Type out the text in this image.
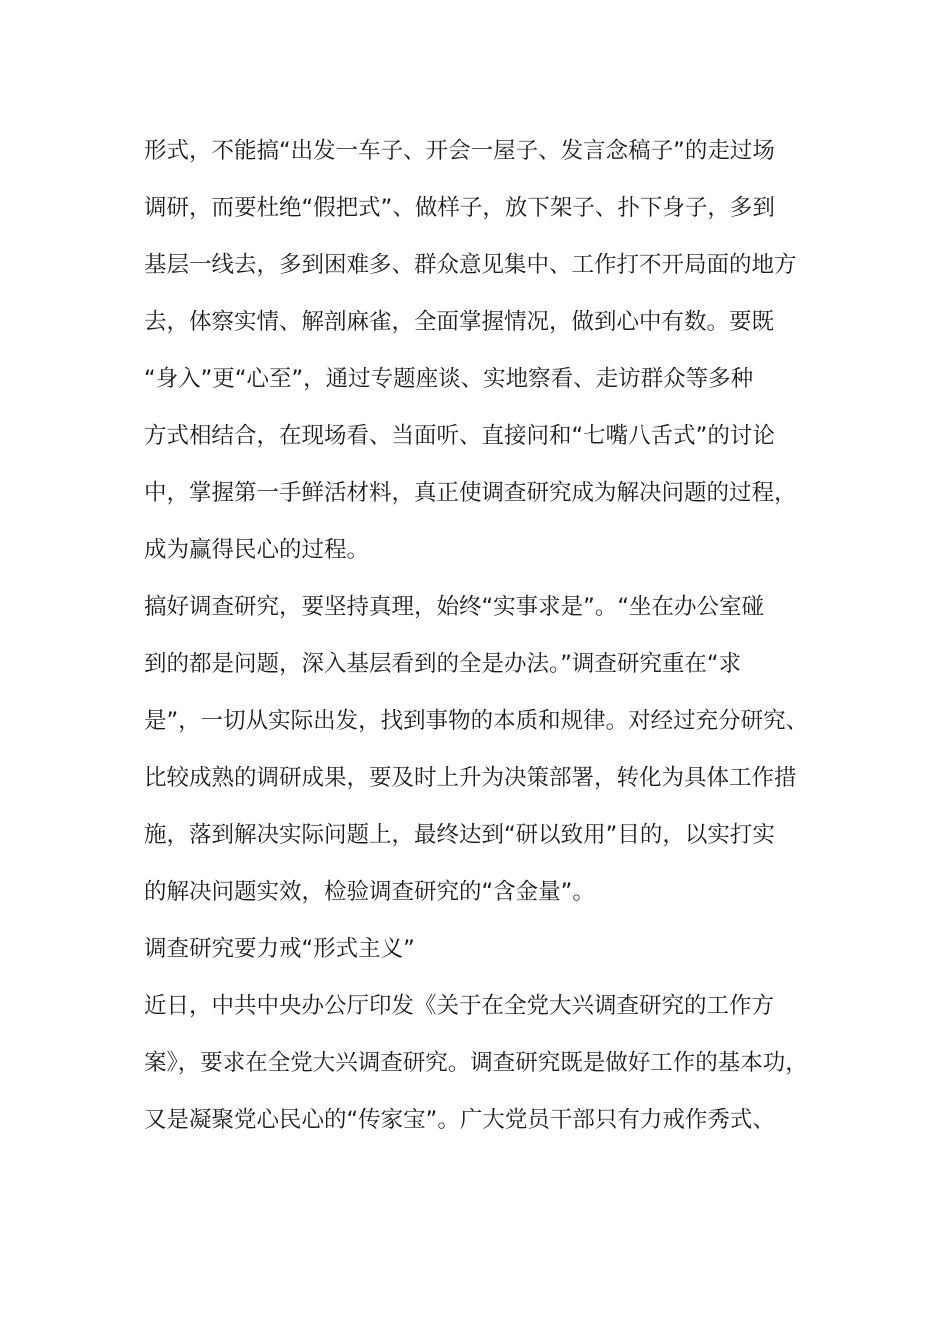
形式，不能搞“出发一车子、开会一屋子、发言念稿子”的走过场
调研，而要杜绝“假把式”、做样子，放下架子、扑下身子，多到
基层一线去，多到困难多、群众意见集中、工作打不开局面的地方
去，体察实情、解剖麻雀，全面掌握情况，做到心中有数。要既
“身入”更“心至”，通过专题座谈、实地察看、走访群众等多种
方式相结合，在现场看、当面听、直接问和“七嘴八舌式”的讨论
中，掌握第一手鲜活材料，真正使调查研究成为解决问题的过程，
成为赢得民心的过程。
搞好调查研究，要坚持真理，始终“实事求是”。“坐在办公室碰
到的都是问题，深入基层看到的全是办法。”调查研究重在“求
是”，一切从实际出发，找到事物的本质和规律。对经过充分研究、
比较成熟的调研成果，要及时上升为决策部署，转化为具体工作措
施，落到解决实际问题上，最终达到“研以致用”目的，以实打实
的解决问题实效，检验调查研究的“含金量”。
调查研究要力戒“形式主义”
近日，中共中央办公厅印发《关于在全党大兴调查研究的工作方
案》，要求在全党大兴调查研究。调查研究既是做好工作的基本功，
又是凝聚党心民心的“传家宝”。广大党员干部只有力戒作秀式、
